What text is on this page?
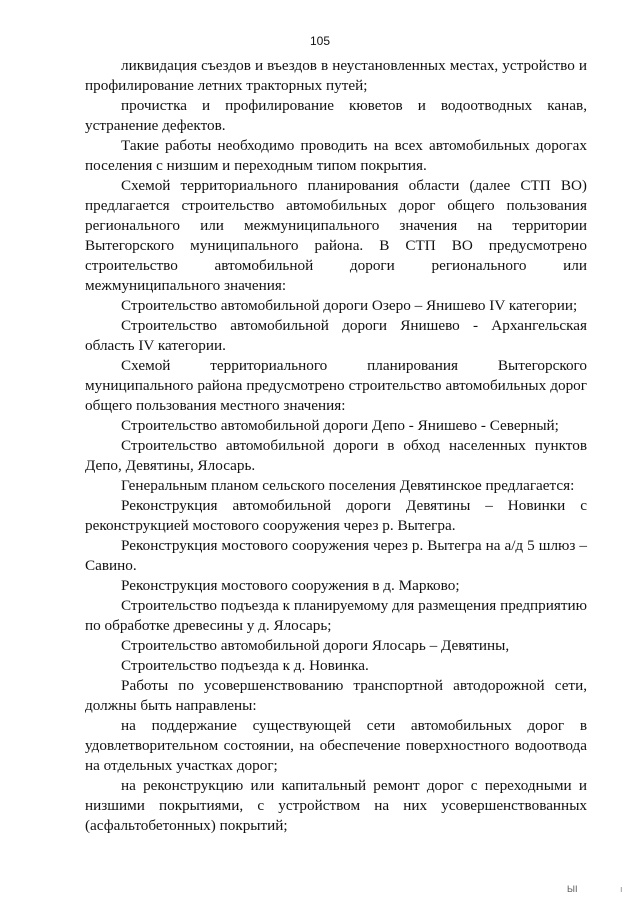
105

ликвидация съездов и въездов в неустановленных местах, устройство и профилирование летних тракторных путей;

прочистка и профилирование кюветов и водоотводных канав, устранение дефектов.

Такие работы необходимо проводить на всех автомобильных дорогах поселения с низшим и переходным типом покрытия.

Схемой территориального планирования области (далее СТП ВО) предлагается строительство автомобильных дорог общего пользования регионального или межмуниципального значения на территории Вытегорского муниципального района. В СТП ВО предусмотрено строительство автомобильной дороги регионального или межмуниципального значения:

Строительство автомобильной дороги Озеро – Янишево IV категории;

Строительство автомобильной дороги Янишево - Архангельская область IV категории.

Схемой территориального планирования Вытегорского муниципального района предусмотрено строительство автомобильных дорог общего пользования местного значения:

Строительство автомобильной дороги Депо - Янишево - Северный;

Строительство автомобильной дороги в обход населенных пунктов Депо, Девятины, Ялосарь.

Генеральным планом сельского поселения Девятинское предлагается:

Реконструкция автомобильной дороги Девятины – Новинки с реконструкцией мостового сооружения через р. Вытегра.

Реконструкция мостового сооружения через р. Вытегра на а/д 5 шлюз – Савино.

Реконструкция мостового сооружения в д. Марково;

Строительство подъезда к планируемому для размещения предприятию по обработке древесины у д. Ялосарь;

Строительство автомобильной дороги Ялосарь – Девятины,

Строительство подъезда к д. Новинка.

Работы по усовершенствованию транспортной автодорожной сети, должны быть направлены:

на поддержание существующей сети автомобильных дорог в удовлетворительном состоянии, на обеспечение поверхностного водоотвода на отдельных участках дорог;

на реконструкцию или капитальный ремонт дорог с переходными и низшими покрытиями, с устройством на них усовершенствованных (асфальтобетонных) покрытий;

ЫI	ı
